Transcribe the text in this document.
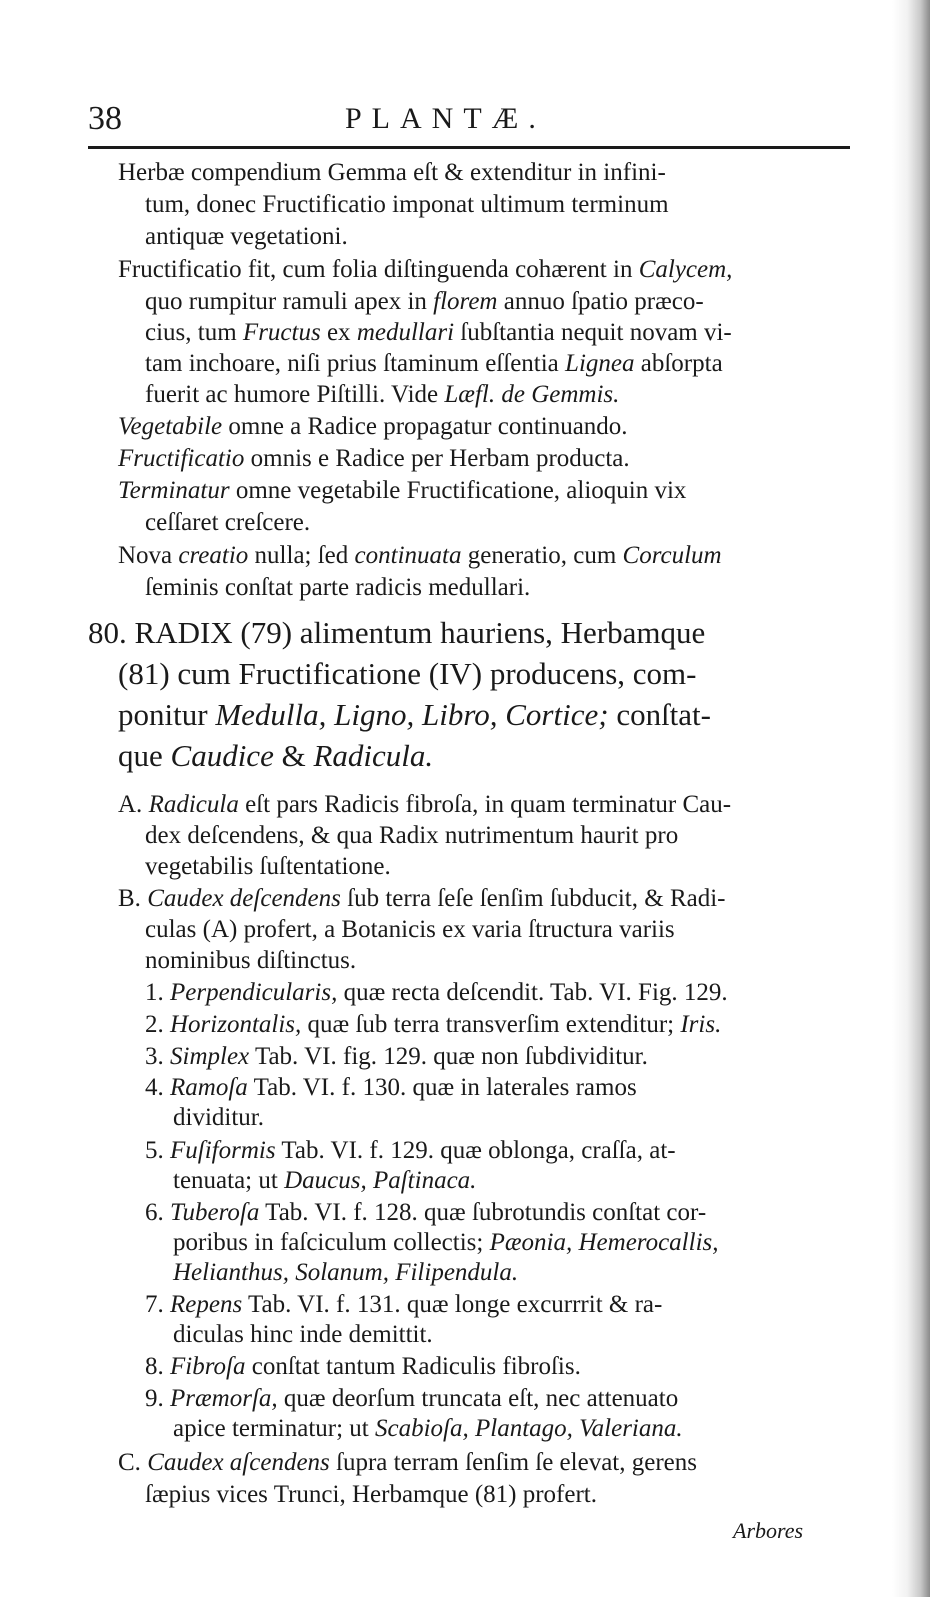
38	PLANTÆ.
Herbæ compendium Gemma eſt & extenditur in infini-
tum, donec Fructificatio imponat ultimum terminum
antiquæ vegetationi.
Fructificatio fit, cum folia diſtinguenda cohærent in Calycem,
quo rumpitur ramuli apex in florem annuo ſpatio præco-
cius, tum Fructus ex medullari ſubſtantia nequit novam vi-
tam inchoare, niſi prius ſtaminum eſſentia Lignea abſorpta
fuerit ac humore Piſtilli. Vide Læfl. de Gemmis.
Vegetabile omne a Radice propagatur continuando.
Fructificatio omnis e Radice per Herbam producta.
Terminatur omne vegetabile Fructificatione, alioquin vix
ceſſaret creſcere.
Nova creatio nulla; ſed continuata generatio, cum Corculum
ſeminis conſtat parte radicis medullari.
80. RADIX (79) alimentum hauriens, Herbamque
(81) cum Fructificatione (IV) producens, com-
ponitur Medulla, Ligno, Libro, Cortice; conſtat-
que Caudice & Radicula.
A. Radicula eſt pars Radicis fibroſa, in quam terminatur Cau-
dex deſcendens, & qua Radix nutrimentum haurit pro
vegetabilis ſuſtentatione.
B. Caudex deſcendens ſub terra ſeſe ſenſim ſubducit, & Radi-
culas (A) profert, a Botanicis ex varia ſtructura variis
nominibus diſtinctus.
1. Perpendicularis, quæ recta deſcendit. Tab. VI. Fig. 129.
2. Horizontalis, quæ ſub terra transverſim extenditur; Iris.
3. Simplex Tab. VI. fig. 129. quæ non ſubdividitur.
4. Ramoſa Tab. VI. f. 130. quæ in laterales ramos
dividitur.
5. Fuſiformis Tab. VI. f. 129. quæ oblonga, craſſa, at-
tenuata; ut Daucus, Paſtinaca.
6. Tuberoſa Tab. VI. f. 128. quæ ſubrotundis conſtat cor-
poribus in faſciculum collectis; Pæonia, Hemerocallis,
Helianthus, Solanum, Filipendula.
7. Repens Tab. VI. f. 131. quæ longe excurrrit & ra-
diculas hinc inde demittit.
8. Fibroſa conſtat tantum Radiculis fibroſis.
9. Præmorſa, quæ deorſum truncata eſt, nec attenuato
apice terminatur; ut Scabioſa, Plantago, Valeriana.
C. Caudex aſcendens ſupra terram ſenſim ſe elevat, gerens
ſæpius vices Trunci, Herbamque (81) profert.
Arbores
